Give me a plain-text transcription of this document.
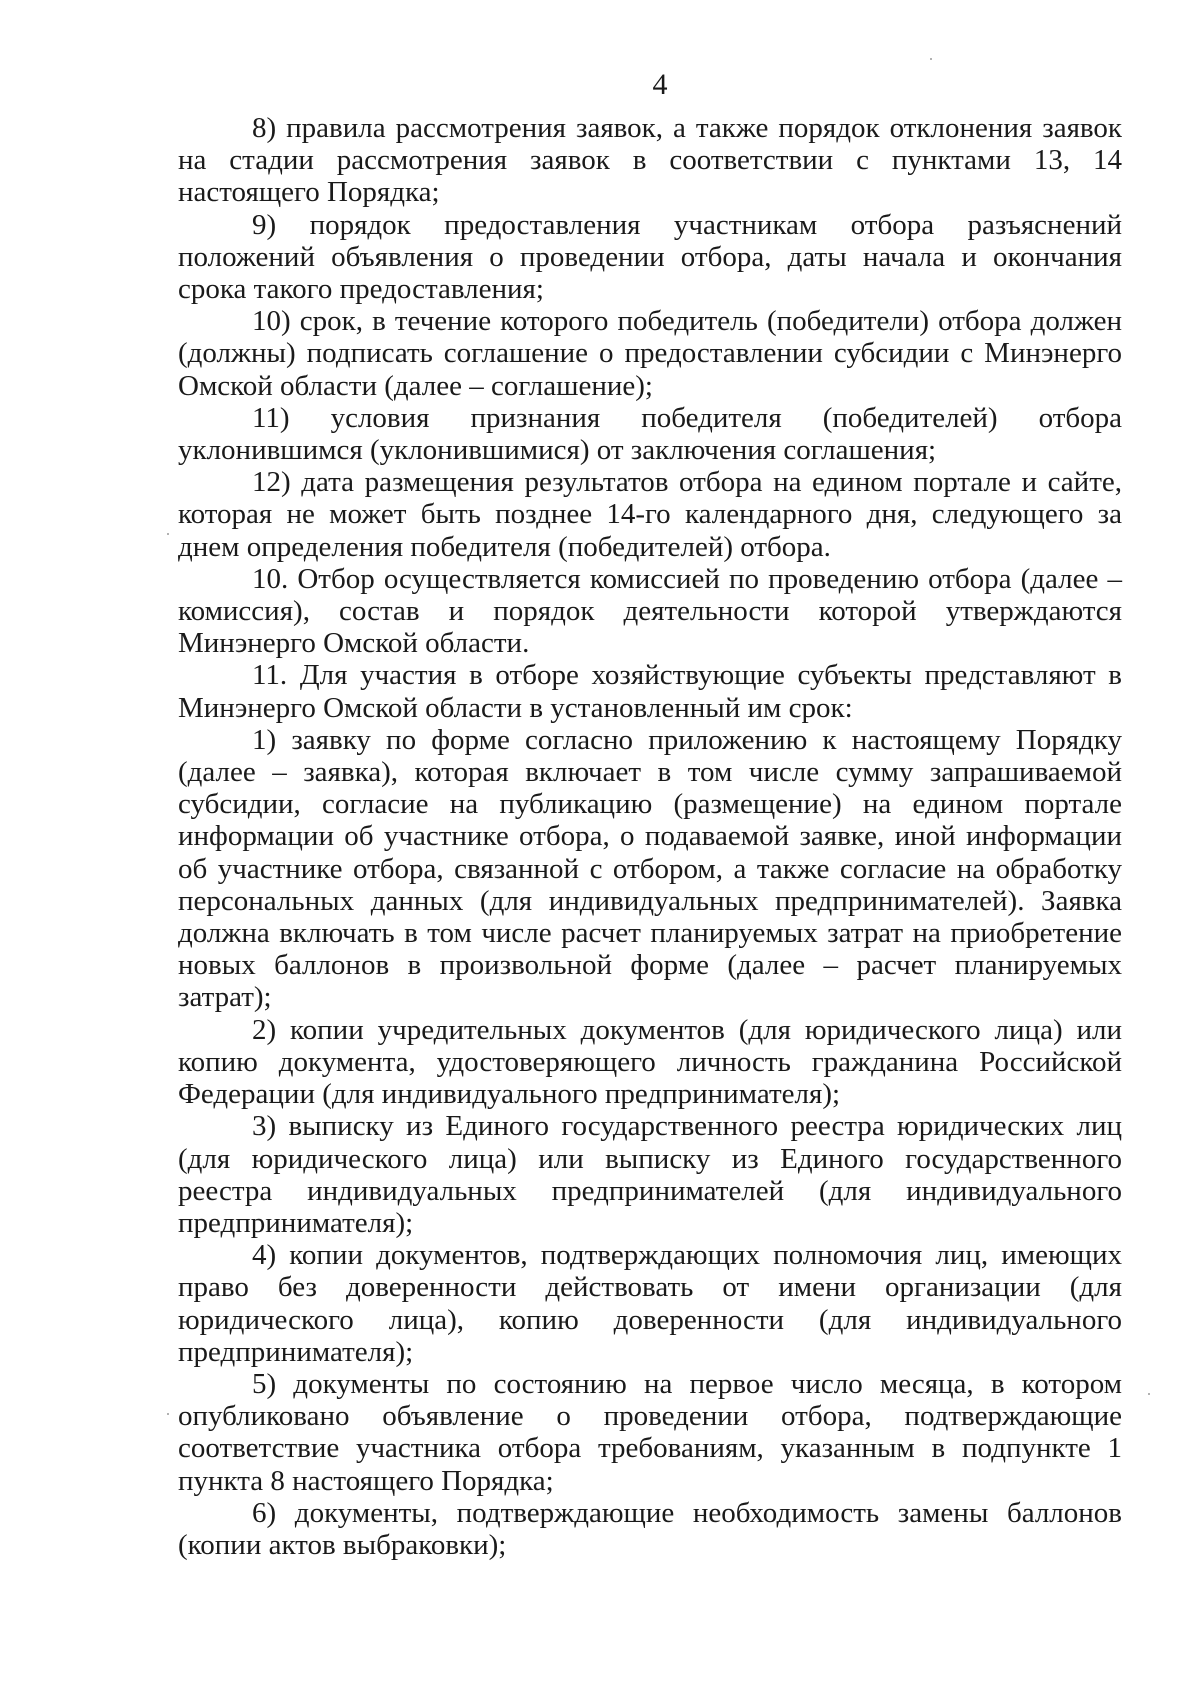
4

8) правила рассмотрения заявок, а также порядок отклонения заявок на стадии рассмотрения заявок в соответствии с пунктами 13, 14 настоящего Порядка;

9) порядок предоставления участникам отбора разъяснений положений объявления о проведении отбора, даты начала и окончания срока такого предоставления;

10) срок, в течение которого победитель (победители) отбора должен (должны) подписать соглашение о предоставлении субсидии с Минэнерго Омской области (далее – соглашение);

11) условия признания победителя (победителей) отбора уклонившимся (уклонившимися) от заключения соглашения;

12) дата размещения результатов отбора на едином портале и сайте, которая не может быть позднее 14-го календарного дня, следующего за днем определения победителя (победителей) отбора.

10. Отбор осуществляется комиссией по проведению отбора (далее – комиссия), состав и порядок деятельности которой утверждаются Минэнерго Омской области.

11. Для участия в отборе хозяйствующие субъекты представляют в Минэнерго Омской области в установленный им срок:

1) заявку по форме согласно приложению к настоящему Порядку (далее – заявка), которая включает в том числе сумму запрашиваемой субсидии, согласие на публикацию (размещение) на едином портале информации об участнике отбора, о подаваемой заявке, иной информации об участнике отбора, связанной с отбором, а также согласие на обработку персональных данных (для индивидуальных предпринимателей). Заявка должна включать в том числе расчет планируемых затрат на приобретение новых баллонов в произвольной форме (далее – расчет планируемых затрат);

2) копии учредительных документов (для юридического лица) или копию документа, удостоверяющего личность гражданина Российской Федерации (для индивидуального предпринимателя);

3) выписку из Единого государственного реестра юридических лиц (для юридического лица) или выписку из Единого государственного реестра индивидуальных предпринимателей (для индивидуального предпринимателя);

4) копии документов, подтверждающих полномочия лиц, имеющих право без доверенности действовать от имени организации (для юридического лица), копию доверенности (для индивидуального предпринимателя);

5) документы по состоянию на первое число месяца, в котором опубликовано объявление о проведении отбора, подтверждающие соответствие участника отбора требованиям, указанным в подпункте 1 пункта 8 настоящего Порядка;

6) документы, подтверждающие необходимость замены баллонов (копии актов выбраковки);
